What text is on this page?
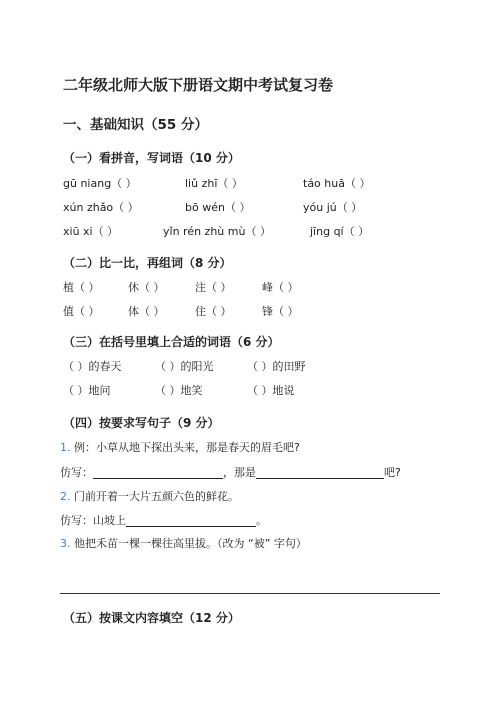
二年级北师大版下册语文期中考试复习卷
一、基础知识（55 分）
（一）看拼音，写词语（10 分）
gū niang（ ）	liǔ zhī（ ）	táo huā（ ）
xún zhǎo（ ）	bō wén（ ）	yóu jú（ ）
xiū xi（ ）	yǐn rén zhù mù（ ）	jīng qí（ ）
（二）比一比，再组词（8 分）
植（ ）	休（ ）	注（ ）	峰（ ）
值（ ）	体（ ）	住（ ）	锋（ ）
（三）在括号里填上合适的词语（6 分）
（ ）的春天	（ ）的阳光	（ ）的田野
（ ）地问	（ ）地笑	（ ）地说
（四）按要求写句子（9 分）
1. 例：小草从地下探出头来，那是春天的眉毛吧?
仿写：	，那是	吧?
2. 门前开着一大片五颜六色的鲜花。
仿写：山坡上	。
3. 他把禾苗一棵一棵往高里拔。（改为 “被” 字句）
（五）按课文内容填空（12 分）
